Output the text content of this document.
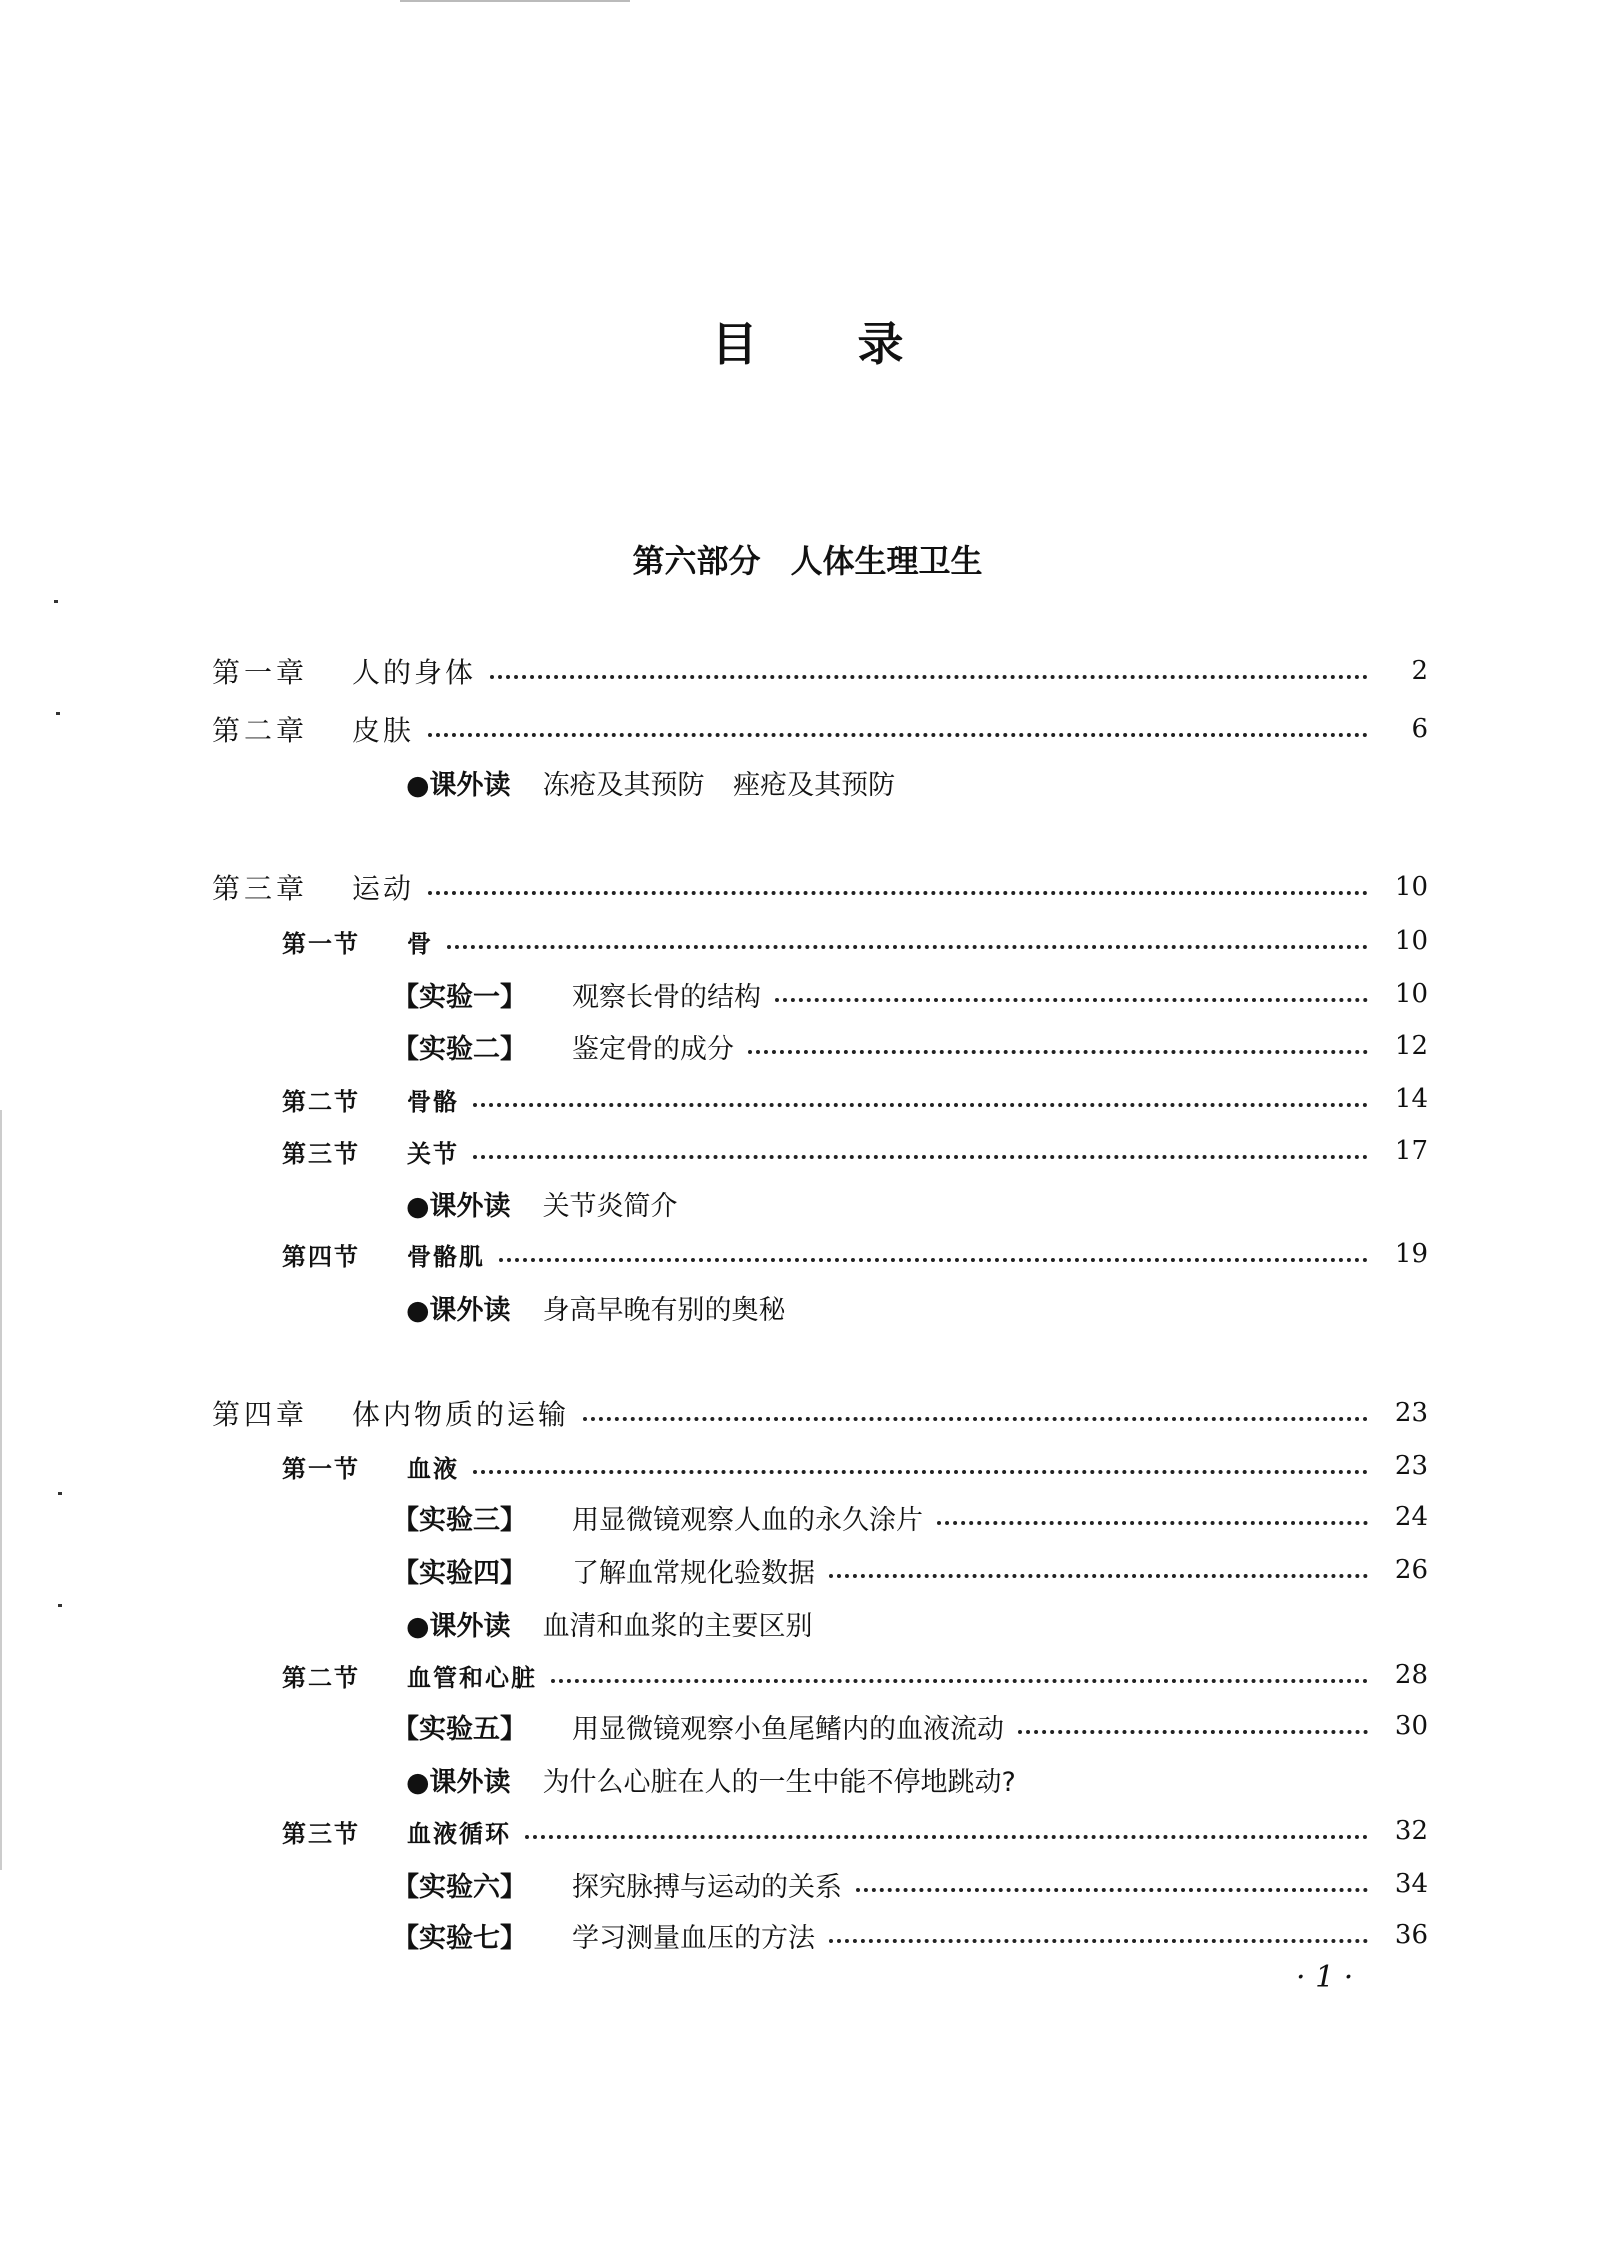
目 录
第六部分 人体生理卫生
第一章	人的身体	2
第二章	皮肤	6
●课外读 冻疮及其预防 痤疮及其预防
第三章	运动	10
第一节	骨	10
【实验一】	观察长骨的结构	10
【实验二】	鉴定骨的成分	12
第二节	骨骼	14
第三节	关节	17
●课外读 关节炎简介
第四节	骨骼肌	19
●课外读 身高早晚有别的奥秘
第四章	体内物质的运输	23
第一节	血液	23
【实验三】	用显微镜观察人血的永久涂片	24
【实验四】	了解血常规化验数据	26
●课外读 血清和血浆的主要区别
第二节	血管和心脏	28
【实验五】	用显微镜观察小鱼尾鳍内的血液流动	30
●课外读 为什么心脏在人的一生中能不停地跳动?
第三节	血液循环	32
【实验六】	探究脉搏与运动的关系	34
【实验七】	学习测量血压的方法	36
· 1 ·
